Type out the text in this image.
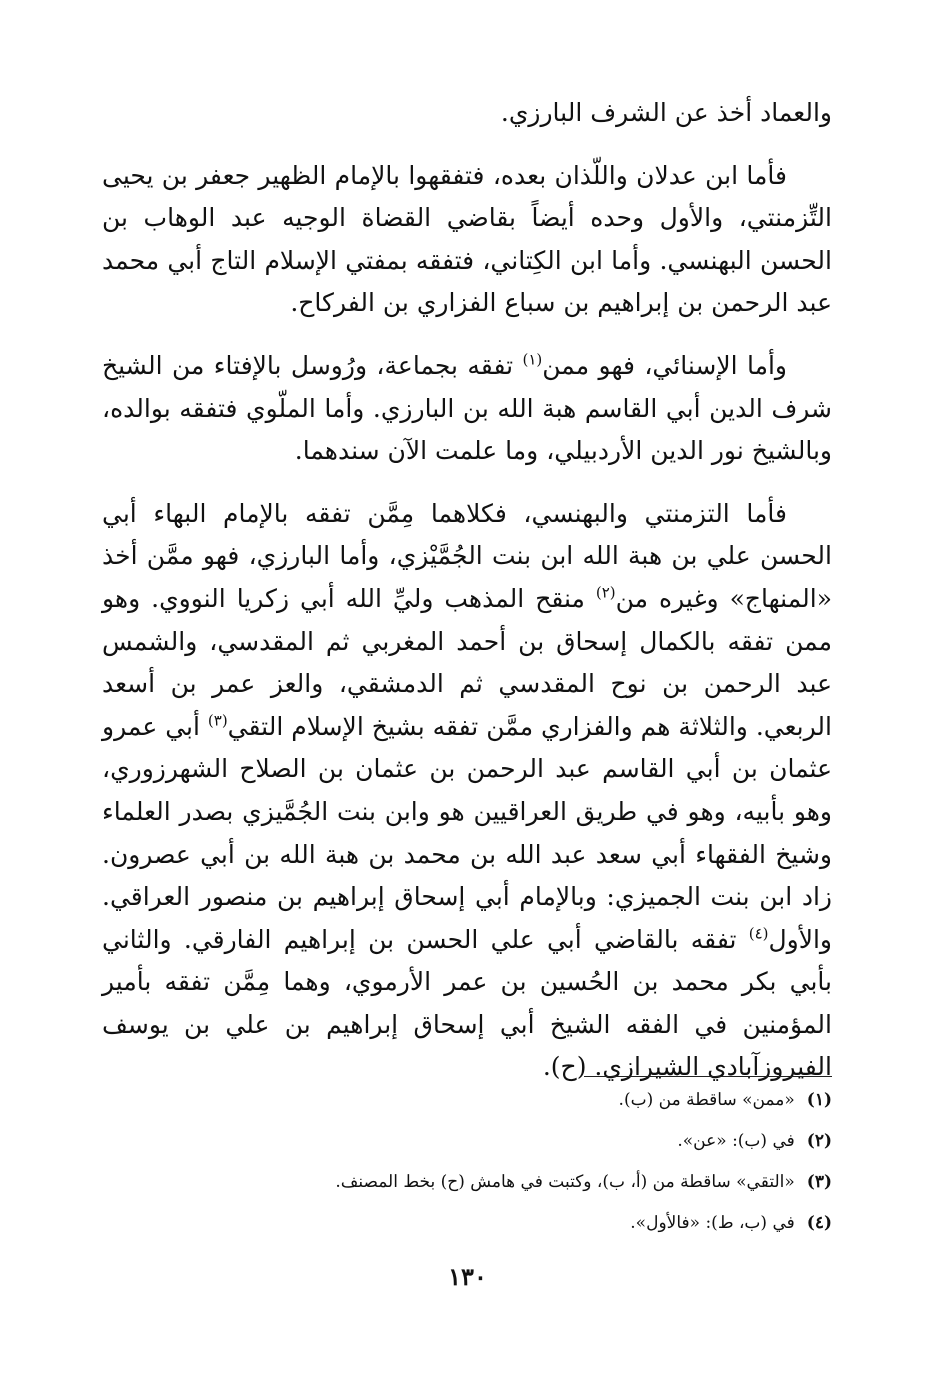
والعماد أخذ عن الشرف البارزي.

فأما ابن عدلان واللّذان بعده، فتفقهوا بالإمام الظهير جعفر بن يحيى التِّزمنتي، والأول وحده أيضاً بقاضي القضاة الوجيه عبد الوهاب بن الحسن البهنسي. وأما ابن الكِتاني، فتفقه بمفتي الإسلام التاج أبي محمد عبد الرحمن بن إبراهيم بن سباع الفزاري بن الفركاح.

وأما الإسنائي، فهو ممن$^{(١)}$ تفقه بجماعة، ورُوسل بالإفتاء من الشيخ شرف الدين أبي القاسم هبة الله بن البارزي. وأما الملّوي فتفقه بوالده، وبالشيخ نور الدين الأردبيلي، وما علمت الآن سندهما.

فأما التزمنتي والبهنسي، فكلاهما مِمَّن تفقه بالإمام البهاء أبي الحسن علي بن هبة الله ابن بنت الجُمَّيْزي، وأما البارزي، فهو ممَّن أخذ «المنهاج» وغيره من$^{(٢)}$ منقح المذهب وليِّ الله أبي زكريا النووي. وهو ممن تفقه بالكمال إسحاق بن أحمد المغربي ثم المقدسي، والشمس عبد الرحمن بن نوح المقدسي ثم الدمشقي، والعز عمر بن أسعد الربعي. والثلاثة هم والفزاري ممَّن تفقه بشيخ الإسلام التقي$^{(٣)}$ أبي عمرو عثمان بن أبي القاسم عبد الرحمن بن عثمان بن الصلاح الشهرزوري، وهو بأبيه، وهو في طريق العراقيين هو وابن بنت الجُمَّيزي بصدر العلماء وشيخ الفقهاء أبي سعد عبد الله بن محمد بن هبة الله بن أبي عصرون. زاد ابن بنت الجميزي: وبالإمام أبي إسحاق إبراهيم بن منصور العراقي. والأول$^{(٤)}$ تفقه بالقاضي أبي علي الحسن بن إبراهيم الفارقي. والثاني بأبي بكر محمد بن الحُسين بن عمر الأرموي، وهما مِمَّن تفقه بأمير المؤمنين في الفقه الشيخ أبي إسحاق إبراهيم بن علي بن يوسف الفيروزآبادي الشيرازي. (ح).

(١)
«ممن» ساقطة من (ب).
(٢)
في (ب): «عن».
(٣)
«التقي» ساقطة من (أ، ب)، وكتبت في هامش (ح) بخط المصنف.
(٤)
في (ب، ط): «فالأول».
١٣٠
